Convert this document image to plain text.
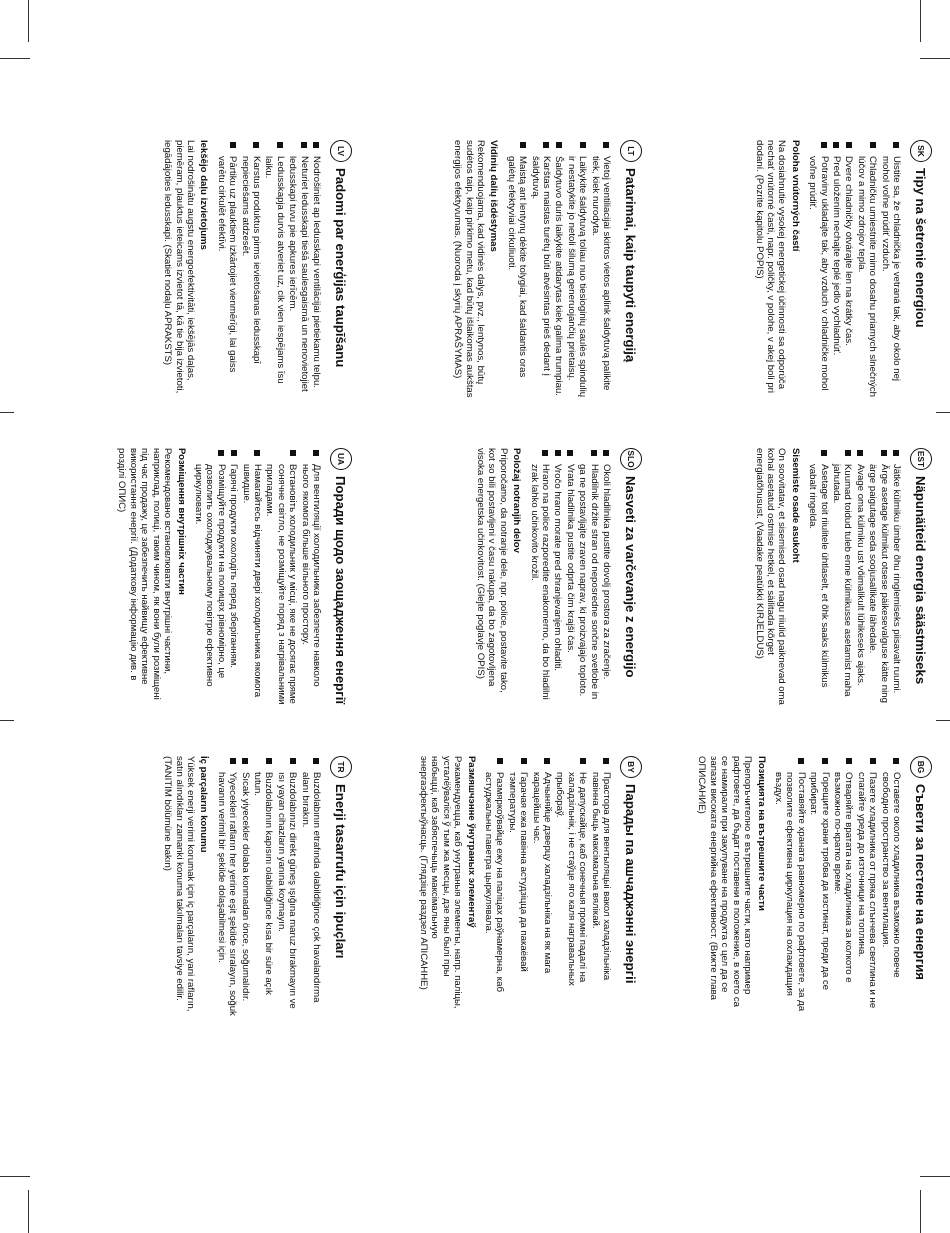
SK
Tipy na šetrenie energiou
Uistite sa, že chladnička je vetraná tak, aby okolo nej mohol voľne prúdiť vzduch.
Chladničku umiestnite mimo dosahu priamych slnečných lúčov a mimo zdrojov tepla.
Dvere chladničky otvárajte len na krátky čas.
Pred uložením nechajte teplé jedlo vychladnúť.
Potraviny ukladajte tak, aby vzduch v chladničke mohol voľne prúdiť.
Poloha vnútorných častí

Na dosiahnutie vysokej energetickej účinnosti sa odporúča nechať vnútorné časti, napr. poličky, v polohe, v akej boli pri dodaní. (Pozrite kapitolu POPIS)

LT
Patarimai, kaip taupyti energiją
Vietoj ventiliacijai skirtos vietos aplink šaldytuvą palikite tiek, kiek nurodyta.
Laikykite šaldytuvą toliau nuo tiesioginių saulės spindulių ir nestatykite jo netoli šilumą generuojančių prietaisų.
Šaldytuvo duris laikykite atidarytas kiek galima trumpiau.
Karštas maistas turėtų būti atvėsintas prieš dedant į šaldytuvą.
Maistą ant lentynų dėkite tolygiai, kad šaldantis oras galėtų efektyviai cirkuliuoti.
Vidinių dalių išdėstymas

Rekomenduojama, kad vidinės dalys, pvz., lentynos, būtų sudėtos taip, kaip pirkimo metu, kad būtų išlaikomas aukštas energijos efektyvumas. (Nuoroda į skyrių APRAŠYMAS)

LV
Padomi par enerģijas taupīšanu
Nodrošiniet ap ledusskapi ventilācijai pietiekamu telpu.
Neturiet ledusskapi tiešā saulesgaismā un nenovietojiet ledusskapi tuvu pie apkures ierīcēm.
Ledusskapja durvis atveriet uz, cik vien iespējams īsu laiku.
Karstus produktus pirms ievietošanas ledusskapī nepieciešams atdzesēt.
Pārtiku uz plauktiem izkārtojiet vienmērīgi, lai gaiss varētu cirkulēt efektīvi.
Iekšējo daļu izvietojums

Lai nodrošinātu augstu energoefektivitāti, iekšējās daļas, piemēram, plauktus ieteicams izvietot tā, kā tie bija izvietoti, iegādājoties ledusskapi. (Skatiet nodaļu APRAKSTS)

EST
Näpunäiteid energia säästmiseks
Jätke külmiku ümber õhu ringlemiseks piisavalt ruumi.
Ärge asetage külmikut otsese päikesevalguse kätte ning ärge paigutage seda soojusallikate lähedale.
Avage oma külmiku ust võimalikult lühikeseks ajaks.
Kuumad toidud tuleb enne külmikusse asetamist maha jahutada.
Asetage toit riiulitele ühtlaselt, et õhk saaks külmikus vabalt ringelda.
Sisemiste osade asukoht

On soovitatav, et sisemised osad nagu riiulid paiknevad oma kohal asetatud ostmise hetkel, et säilitada kõrget energiatõhusust. (Vaadake peatükki KIRJELDUS)

SLO
Nasveti za varčevanje z energijo
Okoli hladilnika pustite dovolj prostora za zračenje.
Hladilnik držite stran od neposredne sončne svetlobe in ga ne postavljajte zraven naprav, ki proizvajajo toploto.
Vrata hladilnika pustite odprta čim krajši čas.
Vročo hrano morate pred shranjevanjem ohladiti.
Hrano na police razporedite enakomerno, da bo hladilni zrak lahko učinkovito krožil.
Položaj notranjih delov

Priporočamo, da notranje dele, npr. police, postavite tako, kot so bili postavljeni v času nakupa, da bo zagotovljena visoka energetska učinkovitost. (Glejte poglavje OPIS)

UA
Поради щодо заощадження енергії
Для вентиляції холодильника забезпечте навколо нього якомога більше вільного простору.
Встановіть холодильник у місці, яке не досягає пряме сонячне світло, не розміщуйте поряд з нагрівальними приладами.
Намагайтесь відчиняти двері холодильника якомога швидше.
Гарячі продукти охолодіть перед зберіганням.
Розміщуйте продукти на полицях рівномірно, це дозволить охолоджувальному повітрю ефективно циркулювати.
Розміщення внутрішніх частин

Рекомендовано встановлювати внутрішні частини, наприклад, полиці, таким чином, як вони були розміщені під час продажу, це забезпечить найвищу ефективне використання енергії. (Додаткову інформацію див. в розділі ОПИС)

BG
Съвети за пестене на енергия
Оставете около хладилника възможно повече свободно пространство за вентилация.
Пазете хладилника от пряка слънчева светлина и не слагайте уреда до източници на топлина.
Отваряйте вратата на хладилника за колкото е възможно по-кратко време.
Горещите храни трябва да изстинат, преди да се прибират.
Поставяйте храната равномерно по рафтовете, за да позволите ефективна циркулация на охлаждащия въздух.
Позицията на вътрешните части

Препоръчително е вътрешните части, като например рафтовете, да бъдат поставени в положение, в което са се намирали при закупуване на продукта с цел да се запази високата енергийна ефективност. (Вижте глава ОПИСАНИЕ)

BY
Парады па ашчаджэнні энергіі
Прастора для вентыляцыі вакол халадзільніка павінна быць максімальна вялікай.
Не дапускайце, каб сонечныя промні падалі на халадзільнік, і не стаўце яго каля награвальных прыбораў.
Адчыняйце дзверцу халадзільніка на як мага карацейшы час.
Гарачая ежа павінна астудзіцца да пакаёвай тэмпературы.
Размяркоўвайце ежу на паліцах раўнамерна, каб астуджальны паветра цыркулявала.
Размяшчэнне ўнутраных элементаў

Рэкамендуецца, каб унутраныя элементы, напр. паліцы, усталёўваліся ў тым жа месцы, дзе яны былі пры набыцці, каб забяспечыць максімальную энергаэфектыўнасць. (Глядзіце раздзел АПІСАННЕ)

TR
Enerji tasarrufu için ipuçları
Buzdolabının etrafında olabildiğince çok havalandırma alanı bırakın.
Buzdolabınızı direkt güneş ışığına maruz bırakmayın ve ısı yayan cihazların yanına koymayın.
Buzdolabının kapısını olabildiğince kısa bir süre açık tutun.
Sıcak yiyecekler dolaba konmadan önce, soğumalıdır.
Yiyecekleri rafların her yerine eşit şekilde sıralayın, soğuk havanın verimli bir şekilde dolaşabilmesi için.
İç parçaların konumu

Yüksek enerji verimi korumak için iç parçaların, yani rafların, satın alındıkları zamanki konuma takılmaları tavsiye edilir. (TANITIM bölümüne bakın)
